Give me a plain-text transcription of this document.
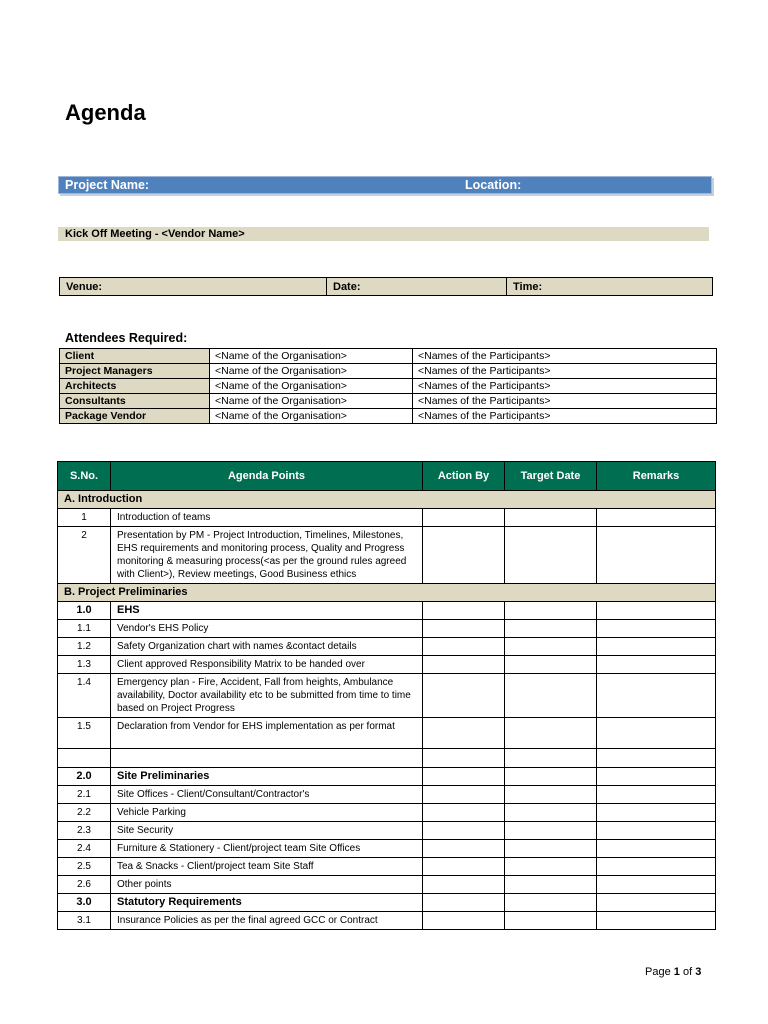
Agenda
Project Name:	Location:
Kick Off Meeting - <Vendor Name>
Venue:	Date:	Time:
Attendees Required:
Client	<Name of the Organisation>	<Names of the Participants>
Project Managers	<Name of the Organisation>	<Names of the Participants>
Architects	<Name of the Organisation>	<Names of the Participants>
Consultants	<Name of the Organisation>	<Names of the Participants>
Package Vendor	<Name of the Organisation>	<Names of the Participants>
S.No.	Agenda Points	Action By	Target Date	Remarks
A. Introduction				
1	Introduction of teams			
2	Presentation by PM - Project Introduction, Timelines, Milestones, EHS requirements and monitoring process, Quality and Progress monitoring & measuring process(<as per the ground rules agreed with Client>), Review meetings, Good Business ethics			
B. Project Preliminaries				
1.0	EHS			
1.1	Vendor's EHS Policy			
1.2	Safety Organization chart with names &contact details			
1.3	Client approved Responsibility Matrix to be handed over			
1.4	Emergency plan - Fire, Accident, Fall from heights, Ambulance availability, Doctor availability etc to be submitted from time to time based on Project Progress			
1.5	Declaration from Vendor for EHS implementation as per format			

2.0	Site Preliminaries			
2.1	Site Offices - Client/Consultant/Contractor's			
2.2	Vehicle Parking			
2.3	Site Security			
2.4	Furniture & Stationery - Client/project team Site Offices			
2.5	Tea & Snacks - Client/project team Site Staff			
2.6	Other points			
3.0	Statutory Requirements			
3.1	Insurance Policies as per the final agreed GCC or Contract			
Page 1 of 3
